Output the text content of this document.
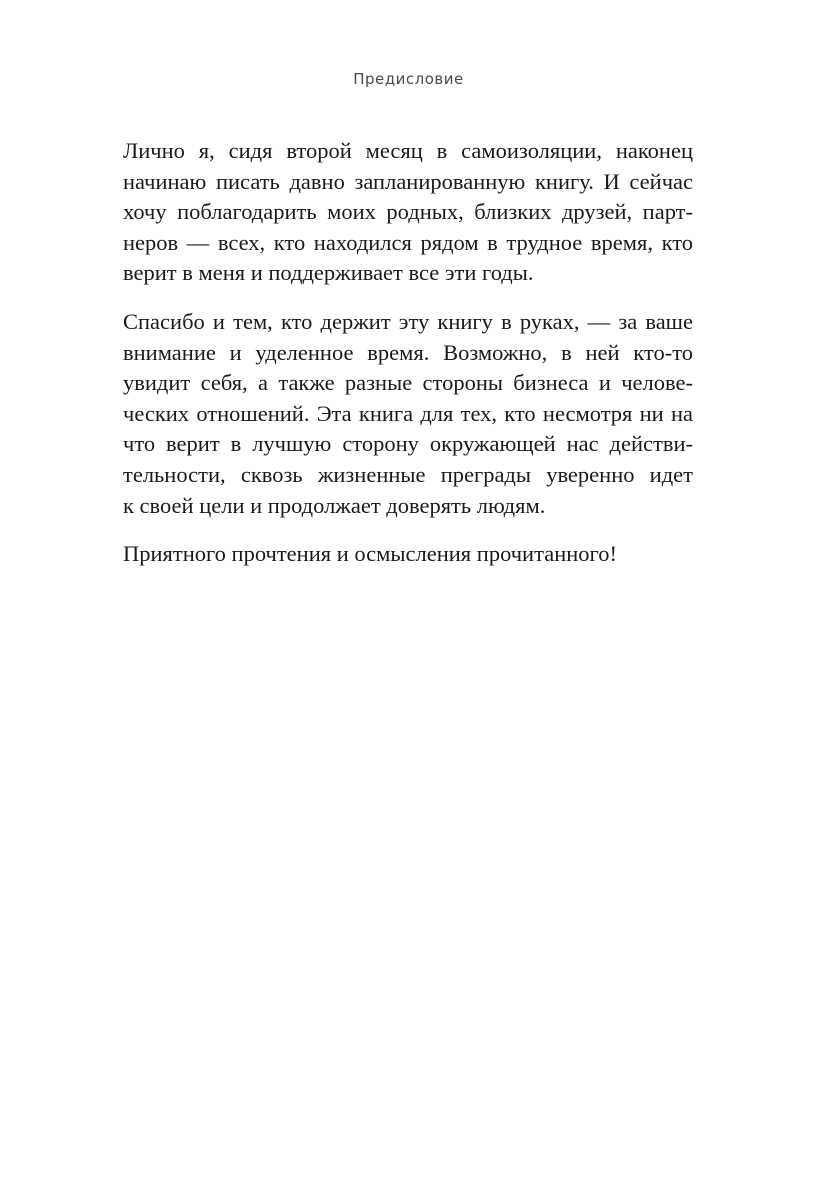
Предисловие

Лично я, сидя второй месяц в самоизоляции, наконец
начинаю писать давно запланированную книгу. И сейчас
хочу поблагодарить моих родных, близких друзей, парт-
неров — всех, кто находился рядом в трудное время, кто
верит в меня и поддерживает все эти годы.

Спасибо и тем, кто держит эту книгу в руках, — за ваше
внимание и уделенное время. Возможно, в ней кто-то
увидит себя, а также разные стороны бизнеса и челове-
ческих отношений. Эта книга для тех, кто несмотря ни на
что верит в лучшую сторону окружающей нас действи-
тельности, сквозь жизненные преграды уверенно идет
к своей цели и продолжает доверять людям.

Приятного прочтения и осмысления прочитанного!
